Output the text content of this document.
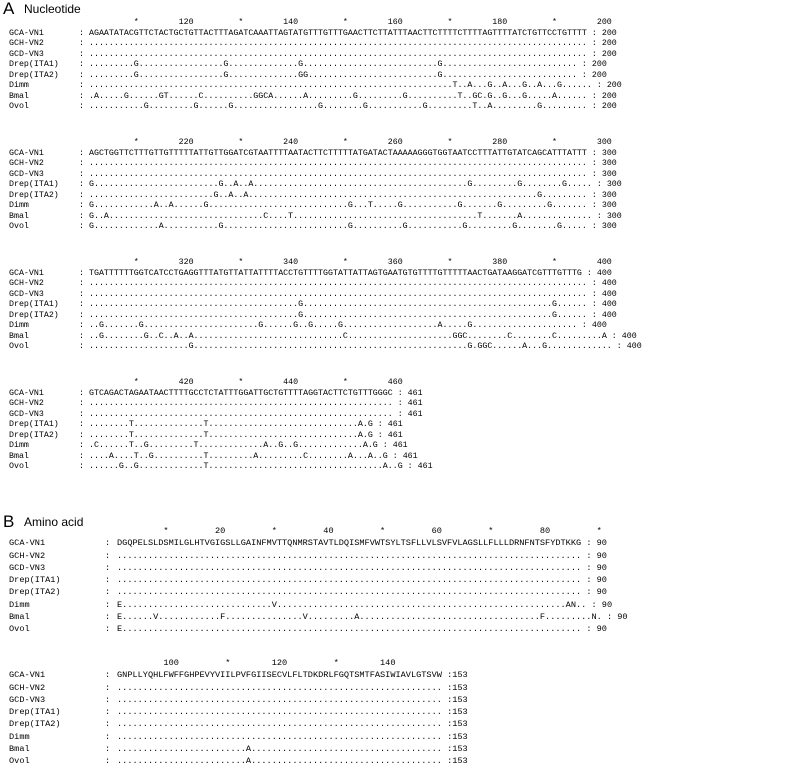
A Nucleotide
B Amino acid
*        120         *        140         *        160         *        180         *        200
GCA-VN1	: AGAATATACGTTCTACTGCTGTTACTTTAGATCAAATTAGTATGTTTGTTTGAACTTCTTATTTAACTTCTTTTCTTTTAGTTTTATCTGTTCCTGTTTT : 200
GCH-VN2	: .................................................................................................... : 200
GCD-VN3	: .................................................................................................... : 200
Drep(ITA1) : .........G.................G..............G...........................G........................... : 200
Drep(ITA2) : .........G.................G..............GG..........................G........................... : 200
Dimm	: .........................................................................T..A...G..A...G..A...G...... : 200
Bmal	: .A.....G......GT......C..........GGCA......A.........G.........G..........T..GC.G..G...G.....A...... : 200
Ovol	: ...........G.........G......G.................G........G...........G.........T..A.........G......... : 200
*        220         *        240         *        260         *        280         *        300
GCA-VN1	: AGCTGGTTCTTTGTTGTTTTTATTGTTGGATCGTAATTTTAATACTTCTTTTTATGATACTAAAAAGGGTGGTAATCCTTTATTGTATCAGCATTTATTT : 300
GCH-VN2	: .................................................................................................... : 300
GCD-VN3	: .................................................................................................... : 300
Drep(ITA1) : G.........................G..A..A...........................................G.........G........G..... : 300
Drep(ITA2) : .........................G..A..A..........................................................G......... : 300
Dimm	: G............A..A......G............................G...T.....G...........G.......G.........G....... : 300
Bmal	: G..A...............................C....T.....................................T.......A.............. : 300
Ovol	: G.............A...........G.........................G..........G...........G.........G........G..... : 300
*        320         *        340         *        360         *        380         *        400
GCA-VN1	: TGATTTTTTGGTCATCCTGAGGTTTATGTTATTATTTTACCTGTTTTGGTATTATTAGTGAATGTGTTTTGTTTTTAACTGATAAGGATCGTTTGTTTG : 400
GCH-VN2	: .................................................................................................... : 400
GCD-VN3	: .................................................................................................... : 400
Drep(ITA1) : ..........................................G..................................................G...... : 400
Drep(ITA2) : ..........................................G..................................................G...... : 400
Dimm	: ..G.......G.......................G......G..G.....G...................A.....G..................... : 400
Bmal	: ..G........G..C..A..A..............................C.....................GGC........C........C.........A : 400
Ovol	: ....................G.......................................................G.GGC......A...G............. : 400
*        420         *        440         *        460
GCA-VN1	: GTCAGACTAGAATAACTTTTGCCTCTATTTGGATTGCTGTTTTAGGTACTTCTGTTTGGGC : 461
GCH-VN2	: ............................................................. : 461
GCD-VN3	: ............................................................. : 461
Drep(ITA1) : ........T..............T..............................A.G : 461
Drep(ITA2) : ........T..............T..............................A.G : 461
Dimm	: .C......T..G.........T.............A..G..G.............A.G : 461
Bmal	: ....A....T..G..........T.........A.........C........A...A..G : 461
Ovol	: ......G..G.............T...................................A..G : 461
*         20         *         40         *         60         *         80         *
GCA-VN1	: DGQPELSLDSMILGLHTVGIGSLLGAINFMVTTQNMRSTAVTLDQISMFVWTSYLTSFLLVLSVFVLAGSLLFLLLDRNFNTSFYDTKKG : 90
GCH-VN2	: .......................................................................................... : 90
GCD-VN3	: .......................................................................................... : 90
Drep(ITA1)	: .......................................................................................... : 90
Drep(ITA2)	: .......................................................................................... : 90
Dimm	: E.............................V........................................................AN.. : 90
Bmal	: E......V............F...............V.........A...................................F.........N. : 90
Ovol	: E......................................................................................... : 90
100         *        120         *        140
GCA-VN1	: GNPLLYQHLFWFFGHPEVYVIILPVFGIISECVLFLTDKDRLFGQTSMTFASIWIAVLGTSVW :153
GCH-VN2	: ............................................................... :153
GCD-VN3	: ............................................................... :153
Drep(ITA1)	: ............................................................... :153
Drep(ITA2)	: ............................................................... :153
Dimm	: ............................................................... :153
Bmal	: .........................A..................................... :153
Ovol	: .........................A..................................... :153
